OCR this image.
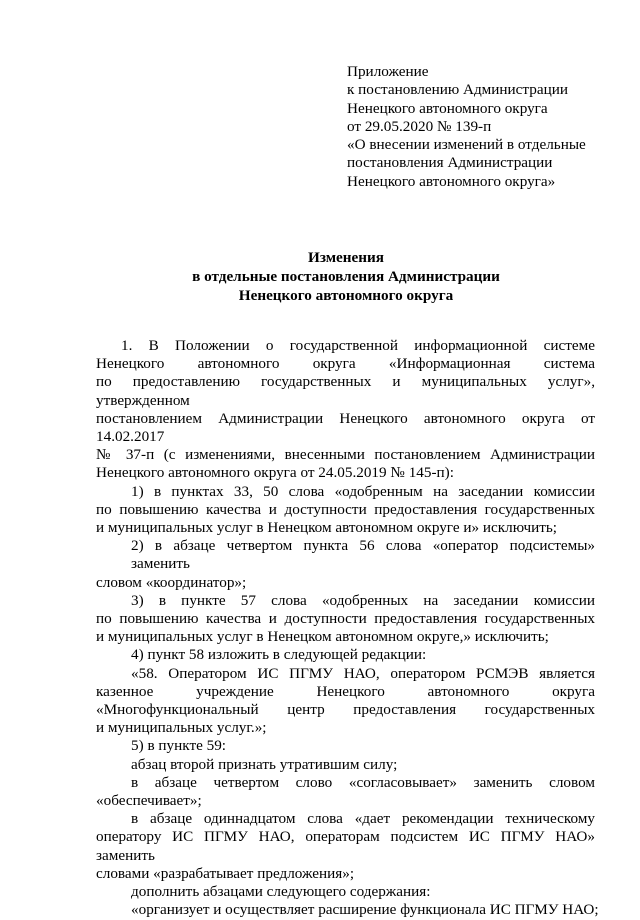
Приложение
к постановлению Администрации
Ненецкого автономного округа
от 29.05.2020 № 139-п
«О внесении изменений в отдельные
постановления Администрации
Ненецкого автономного округа»
Изменения
в отдельные постановления Администрации
Ненецкого автономного округа
1. В Положении о государственной информационной системе
Ненецкого автономного округа «Информационная система
по предоставлению государственных и муниципальных услуг», утвержденном
постановлением Администрации Ненецкого автономного округа от 14.02.2017
№ 37-п (с изменениями, внесенными постановлением Администрации
Ненецкого автономного округа от 24.05.2019 № 145-п):
1) в пунктах 33, 50 слова «одобренным на заседании комиссии
по повышению качества и доступности предоставления государственных
и муниципальных услуг в Ненецком автономном округе и» исключить;
2) в абзаце четвертом пункта 56 слова «оператор подсистемы» заменить
словом «координатор»;
3) в пункте 57 слова «одобренных на заседании комиссии
по повышению качества и доступности предоставления государственных
и муниципальных услуг в Ненецком автономном округе,» исключить;
4) пункт 58 изложить в следующей редакции:
«58. Оператором ИС ПГМУ НАО, оператором РСМЭВ является
казенное учреждение Ненецкого автономного округа
«Многофункциональный центр предоставления государственных
и муниципальных услуг.»;
5) в пункте 59:
абзац второй признать утратившим силу;
в абзаце четвертом слово «согласовывает» заменить словом
«обеспечивает»;
в абзаце одиннадцатом слова «дает рекомендации техническому
оператору ИС ПГМУ НАО, операторам подсистем ИС ПГМУ НАО» заменить
словами «разрабатывает предложения»;
дополнить абзацами следующего содержания:
«организует и осуществляет расширение функционала ИС ПГМУ НАО;
